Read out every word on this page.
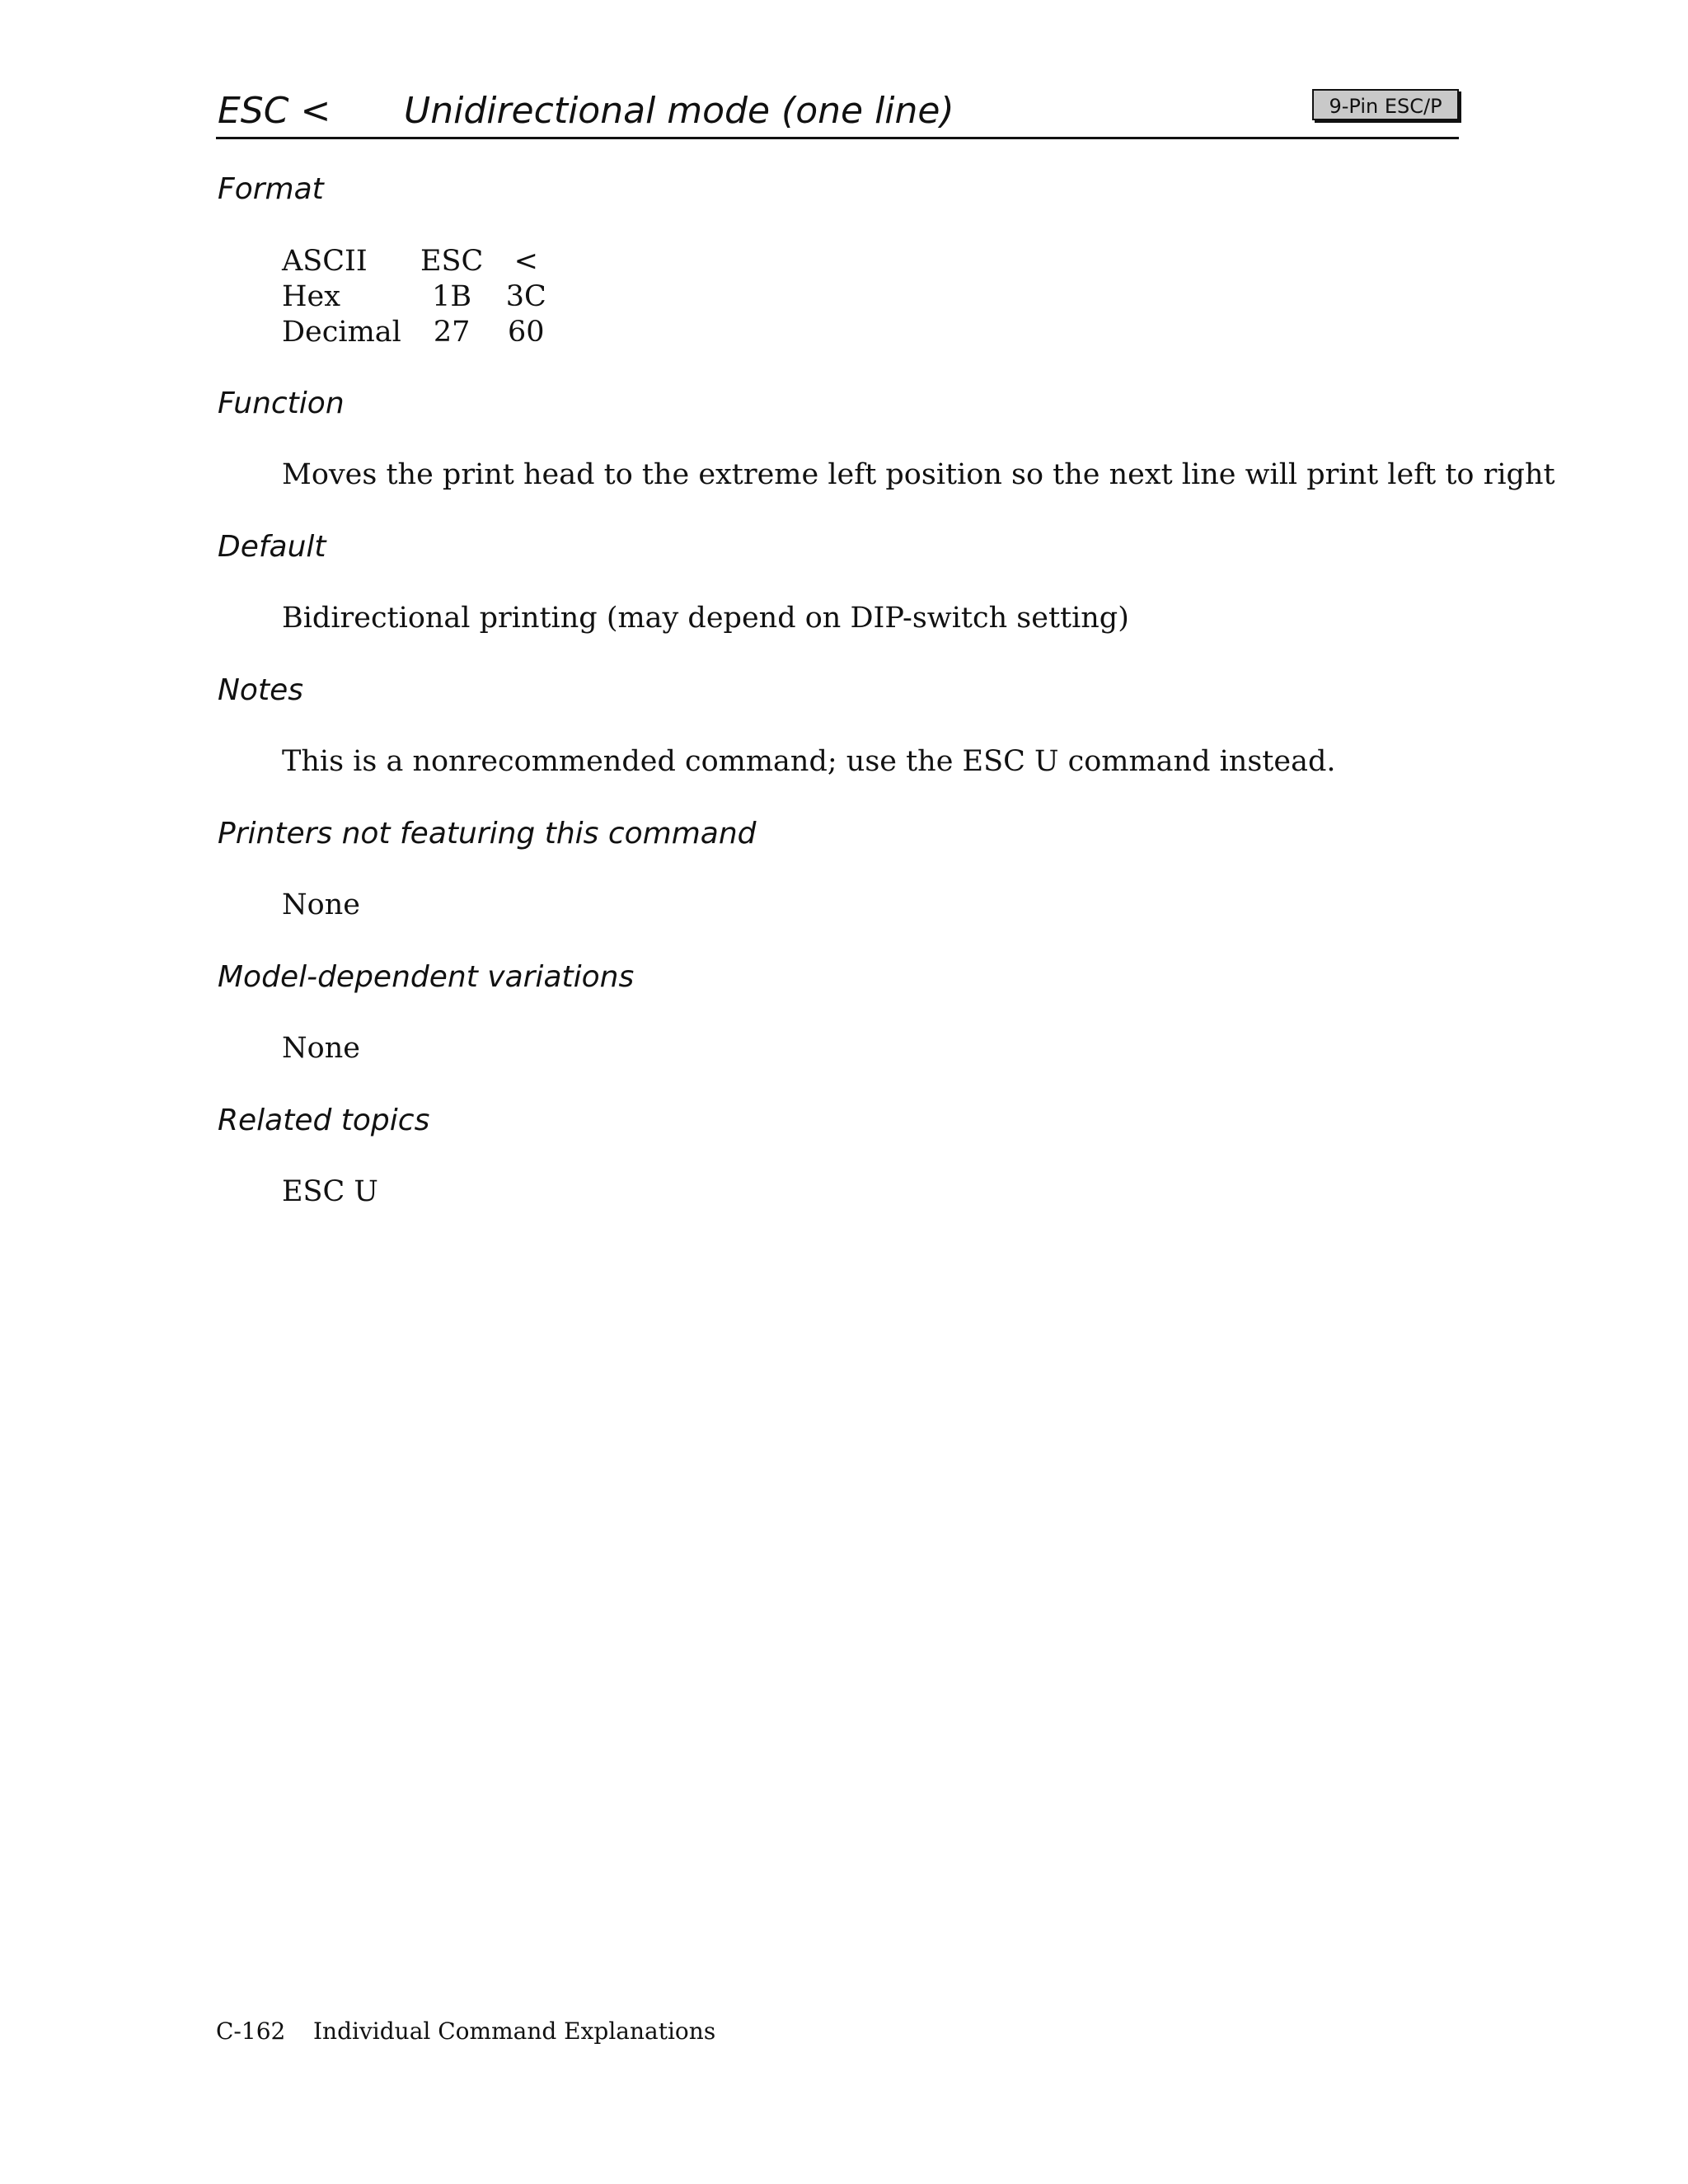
ESC < Unidirectional mode (one line)	9-Pin ESC/P
Format
ASCII	ESC	<
Hex	1B	3C
Decimal	27	60
Function
Moves the print head to the extreme left position so the next line will print left to right
Default
Bidirectional printing (may depend on DIP-switch setting)
Notes
This is a nonrecommended command; use the ESC U command instead.
Printers not featuring this command
None
Model-dependent variations
None
Related topics
ESC U
C-162 Individual Command Explanations
